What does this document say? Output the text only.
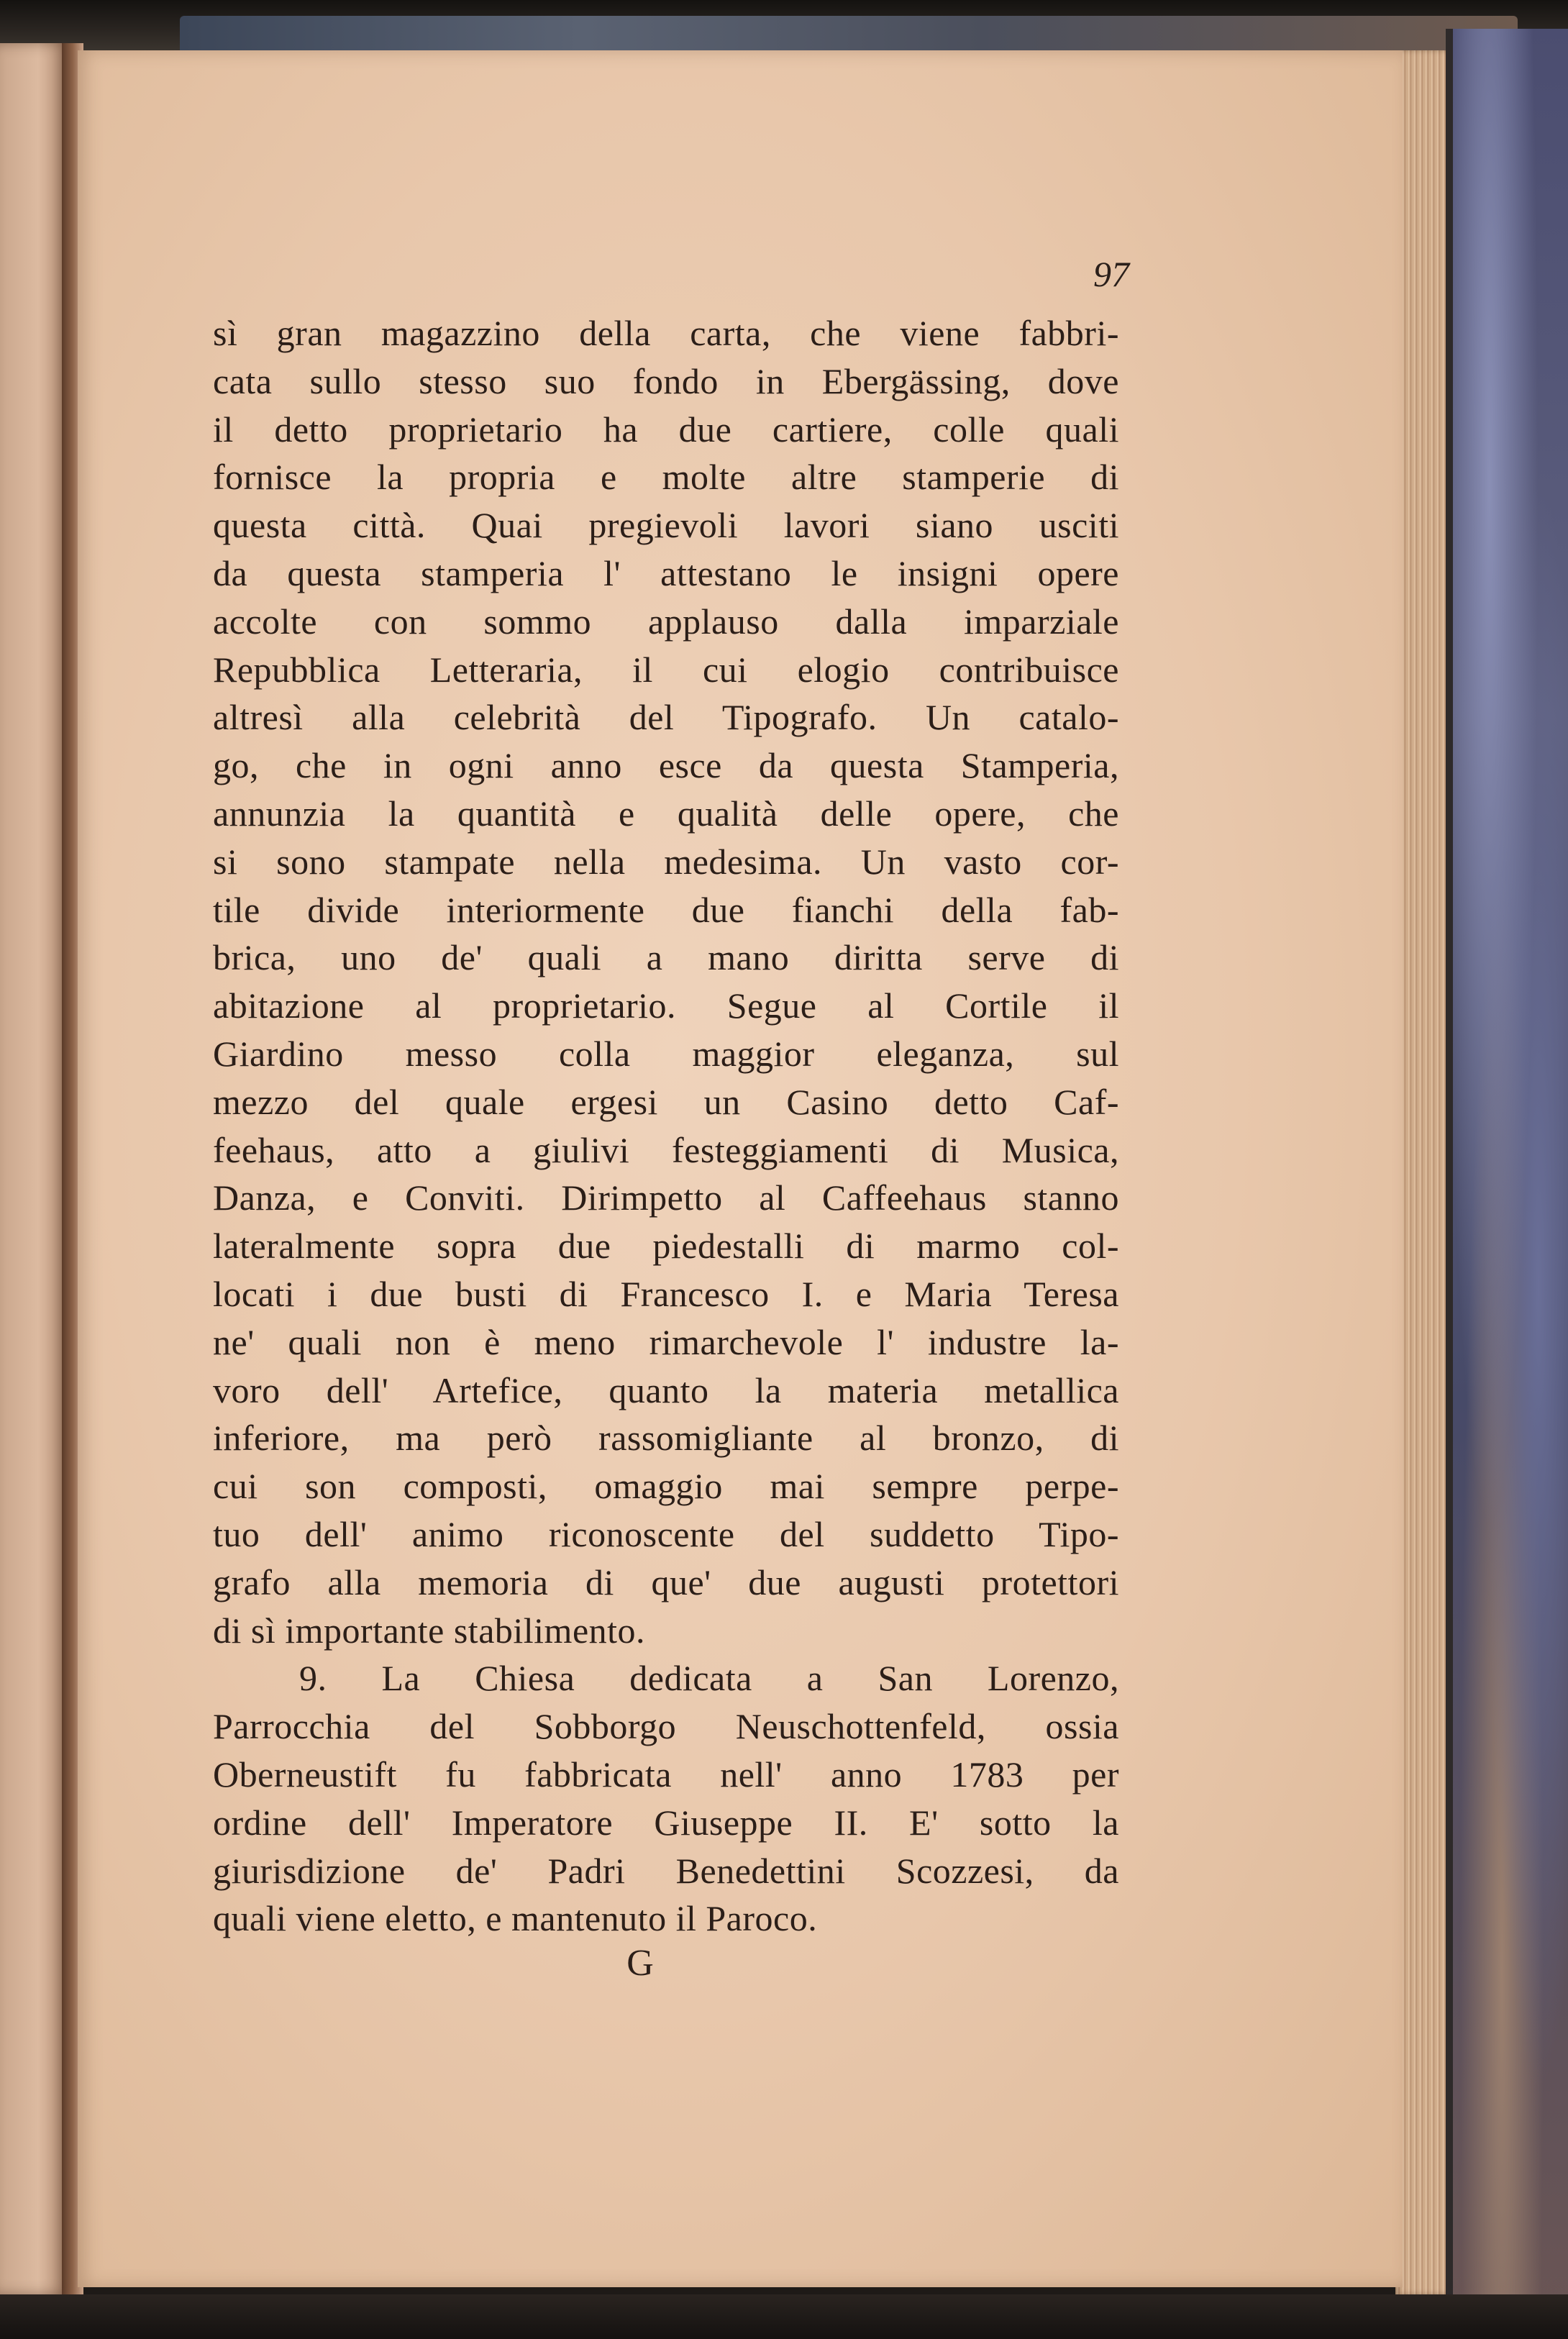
97
sì gran magazzino della carta, che viene fabbri-
cata sullo stesso suo fondo in Ebergässing, dove
il detto proprietario ha due cartiere, colle quali
fornisce la propria e molte altre stamperie di
questa città. Quai pregievoli lavori siano usciti
da questa stamperia l' attestano le insigni opere
accolte con sommo applauso dalla imparziale
Repubblica Letteraria, il cui elogio contribuisce
altresì alla celebrità del Tipografo. Un catalo-
go, che in ogni anno esce da questa Stamperia,
annunzia la quantità e qualità delle opere, che
si sono stampate nella medesima. Un vasto cor-
tile divide interiormente due fianchi della fab-
brica, uno de' quali a mano diritta serve di
abitazione al proprietario. Segue al Cortile il
Giardino messo colla maggior eleganza, sul
mezzo del quale ergesi un Casino detto Caf-
feehaus, atto a giulivi festeggiamenti di Musica,
Danza, e Conviti. Dirimpetto al Caffeehaus stanno
lateralmente sopra due piedestalli di marmo col-
locati i due busti di Francesco I. e Maria Teresa
ne' quali non è meno rimarchevole l' industre la-
voro dell' Artefice, quanto la materia metallica
inferiore, ma però rassomigliante al bronzo, di
cui son composti, omaggio mai sempre perpe-
tuo dell' animo riconoscente del suddetto Tipo-
grafo alla memoria di que' due augusti protettori
di sì importante stabilimento.
9. La Chiesa dedicata a San Lorenzo,
Parrocchia del Sobborgo Neuschottenfeld, ossia
Oberneustift fu fabbricata nell' anno 1783 per
ordine dell' Imperatore Giuseppe II. E' sotto la
giurisdizione de' Padri Benedettini Scozzesi, da
quali viene eletto, e mantenuto il Paroco.
G
